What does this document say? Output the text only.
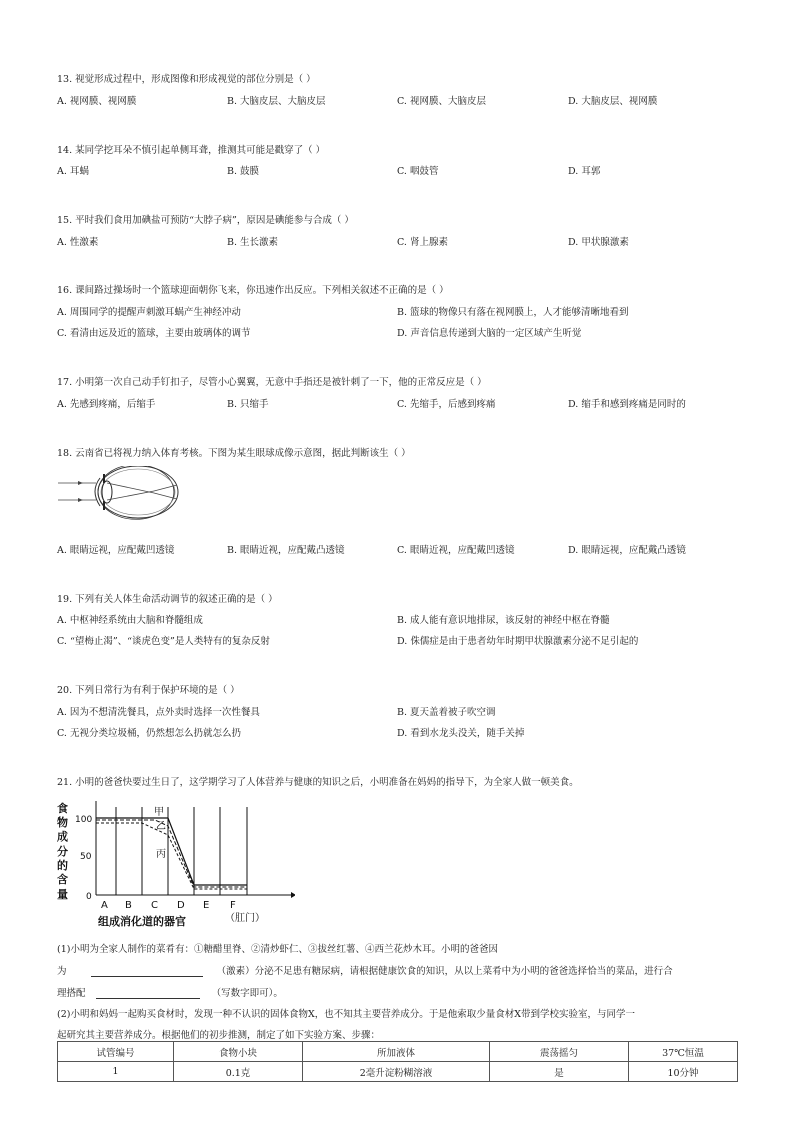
13. 视觉形成过程中，形成图像和形成视觉的部位分别是（ ）
A. 视网膜、视网膜	B. 大脑皮层、大脑皮层	C. 视网膜、大脑皮层	D. 大脑皮层、视网膜
14. 某同学挖耳朵不慎引起单侧耳聋，推测其可能是戳穿了（ ）
A. 耳蜗	B. 鼓膜	C. 咽鼓管	D. 耳郭
15. 平时我们食用加碘盐可预防“大脖子病”，原因是碘能参与合成（ ）
A. 性激素	B. 生长激素	C. 肾上腺素	D. 甲状腺激素
16. 课间路过操场时一个篮球迎面朝你飞来，你迅速作出反应。下列相关叙述不正确的是（ ）
A. 周围同学的提醒声刺激耳蜗产生神经冲动	B. 篮球的物像只有落在视网膜上，人才能够清晰地看到
C. 看清由远及近的篮球，主要由玻璃体的调节	D. 声音信息传递到大脑的一定区域产生听觉
17. 小明第一次自己动手钉扣子，尽管小心翼翼，无意中手指还是被针刺了一下，他的正常反应是（ ）
A. 先感到疼痛，后缩手	B. 只缩手	C. 先缩手，后感到疼痛	D. 缩手和感到疼痛是同时的
18. 云南省已将视力纳入体育考核。下图为某生眼球成像示意图，据此判断该生（ ）
A. 眼睛远视，应配戴凹透镜	B. 眼睛近视，应配戴凸透镜	C. 眼睛近视，应配戴凹透镜	D. 眼睛远视，应配戴凸透镜
19. 下列有关人体生命活动调节的叙述正确的是（ ）
A. 中枢神经系统由大脑和脊髓组成	B. 成人能有意识地排尿，该反射的神经中枢在脊髓
C. “望梅止渴”、“谈虎色变”是人类特有的复杂反射	D. 侏儒症是由于患者幼年时期甲状腺激素分泌不足引起的
20. 下列日常行为有利于保护环境的是（ ）
A. 因为不想清洗餐具，点外卖时选择一次性餐具	B. 夏天盖着被子吹空调
C. 无视分类垃圾桶，仍然想怎么扔就怎么扔	D. 看到水龙头没关，随手关掉
21. 小明的爸爸快要过生日了，这学期学习了人体营养与健康的知识之后，小明准备在妈妈的指导下，为全家人做一顿美食。
食
物
成
分
的
含
量
100
50
0
甲
乙
丙
A B C D E F
组成消化道的器官	（肛门）
(1)小明为全家人制作的菜肴有：①糖醋里脊、②清炒虾仁、③拔丝红薯、④西兰花炒木耳。小明的爸爸因
为	（激素）分泌不足患有糖尿病，请根据健康饮食的知识，从以上菜肴中为小明的爸爸选择恰当的菜品，进行合
理搭配	（写数字即可）。
(2)小明和妈妈一起购买食材时，发现一种不认识的固体食物X，也不知其主要营养成分。于是他索取少量食材X带到学校实验室，与同学一
起研究其主要营养成分。根据他们的初步推测，制定了如下实验方案、步骤：
试管编号	食物小块	所加液体	震荡摇匀	37℃恒温
1	0.1克	2毫升淀粉糊溶液	是	10分钟
